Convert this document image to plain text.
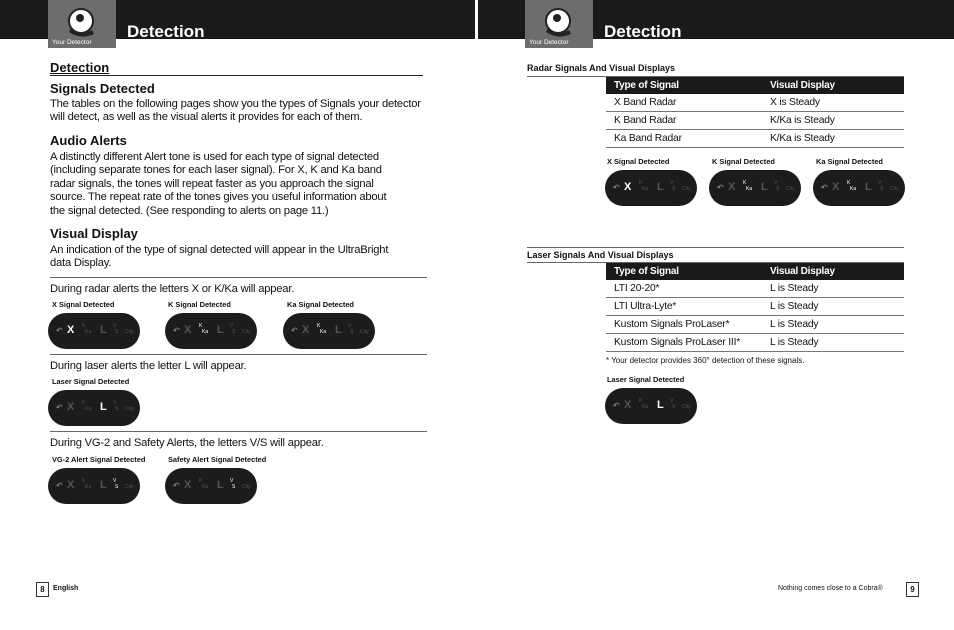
Your Detector
Detection
Detection
Signals Detected
The tables on the following pages show you the types of Signals your detector will detect, as well as the visual alerts it provides for each of them.
Audio Alerts
A distinctly different Alert tone is used for each type of signal detected (including separate tones for each laser signal). For X, K and Ka band radar signals, the tones will repeat faster as you approach the signal source. The repeat rate of the tones gives you useful information about the signal detected. (See responding to alerts on page 11.)
Visual Display
An indication of the type of signal detected will appear in the UltraBright data Display.
During radar alerts the letters X or K/Ka will appear.
X Signal Detected	K Signal Detected	Ka Signal Detected
↶ X K
Ka L V
S City	↶ X K
Ka L V
S City	↶ X K
Ka L V
S City
During laser alerts the letter L will appear.
Laser Signal Detected
↶ X K
Ka L V
S City
During VG-2 and Safety Alerts, the letters V/S will appear.
VG-2 Alert Signal Detected	Safety Alert Signal Detected
↶ X K
Ka L V
S City	↶ X K
Ka L V
S City
8	English
Your Detector
Detection
Radar Signals And Visual Displays
Type of Signal	Visual Display
X Band Radar	X is Steady
K Band Radar	K/Ka is Steady
Ka Band Radar	K/Ka is Steady
X Signal Detected	K Signal Detected	Ka Signal Detected
↶ X K
Ka L V
S City	↶ X K
Ka L V
S City	↶ X K
Ka L V
S City
Laser Signals And Visual Displays
Type of Signal	Visual Display
LTI 20-20*	L is Steady
LTI Ultra-Lyte*	L is Steady
Kustom Signals ProLaser*	L is Steady
Kustom Signals ProLaser III*	L is Steady
* Your detector provides 360° detection of these signals.
Laser Signal Detected
↶ X K
Ka L V
S City
Nothing comes close to a Cobra®	9
